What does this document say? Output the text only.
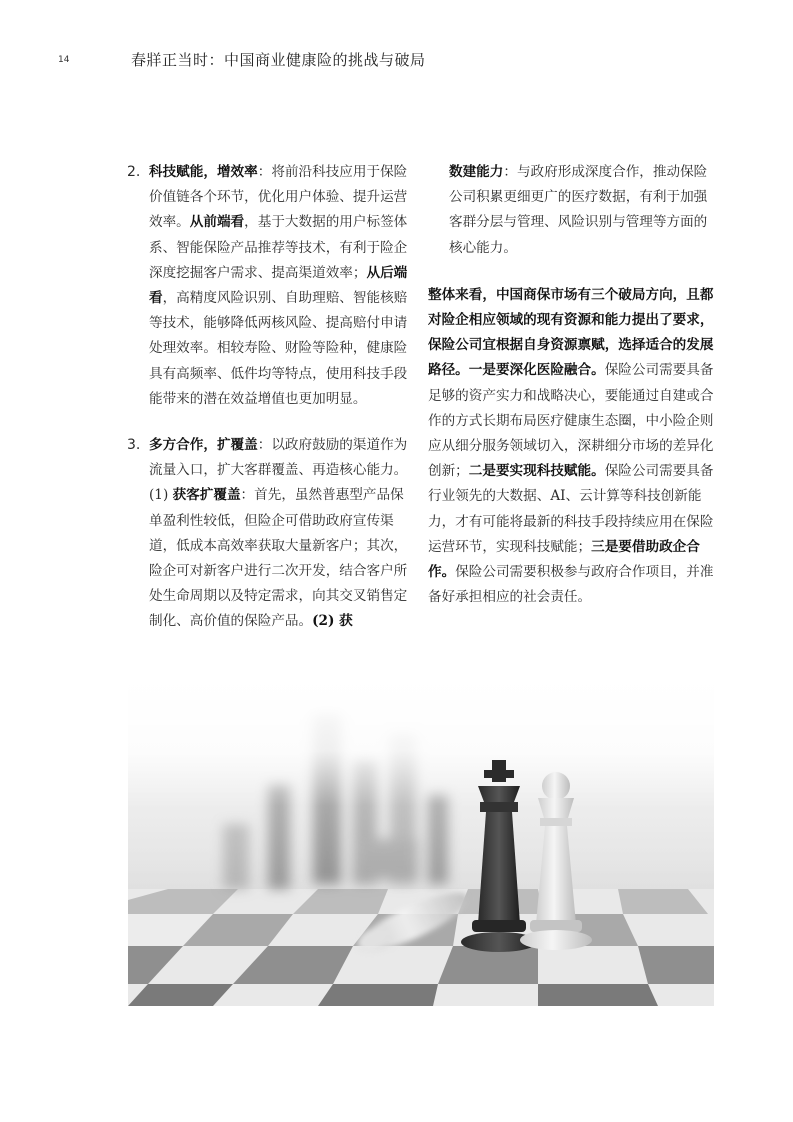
14	春牂正当时：中国商业健康险的挑战与破局
2. 科技赋能，增效率：将前沿科技应用于保险价值链各个环节，优化用户体验、提升运营效率。从前端看，基于大数据的用户标签体系、智能保险产品推荐等技术，有利于险企深度挖掘客户需求、提高渠道效率；从后端看，高精度风险识别、自助理赔、智能核赔等技术，能够降低两核风险、提高赔付申请处理效率。相较寿险、财险等险种，健康险具有高频率、低件均等特点，使用科技手段能带来的潜在效益增值也更加明显。

3. 多方合作，扩覆盖：以政府鼓励的渠道作为流量入口，扩大客群覆盖、再造核心能力。(1) 获客扩覆盖：首先，虽然普惠型产品保单盈利性较低，但险企可借助政府宣传渠道，低成本高效率获取大量新客户；其次，险企可对新客户进行二次开发，结合客户所处生命周期以及特定需求，向其交叉销售定制化、高价值的保险产品。(2) 获

数建能力：与政府形成深度合作，推动保险公司积累更细更广的医疗数据，有利于加强客群分层与管理、风险识别与管理等方面的核心能力。

整体来看，中国商保市场有三个破局方向，且都对险企相应领域的现有资源和能力提出了要求，保险公司宜根据自身资源禀赋，选择适合的发展路径。一是要深化医险融合。保险公司需要具备足够的资产实力和战略决心，要能通过自建或合作的方式长期布局医疗健康生态圈，中小险企则应从细分服务领域切入，深耕细分市场的差异化创新；二是要实现科技赋能。保险公司需要具备行业领先的大数据、AI、云计算等科技创新能力，才有可能将最新的科技手段持续应用在保险运营环节，实现科技赋能；三是要借助政企合作。保险公司需要积极参与政府合作项目，并准备好承担相应的社会责任。
